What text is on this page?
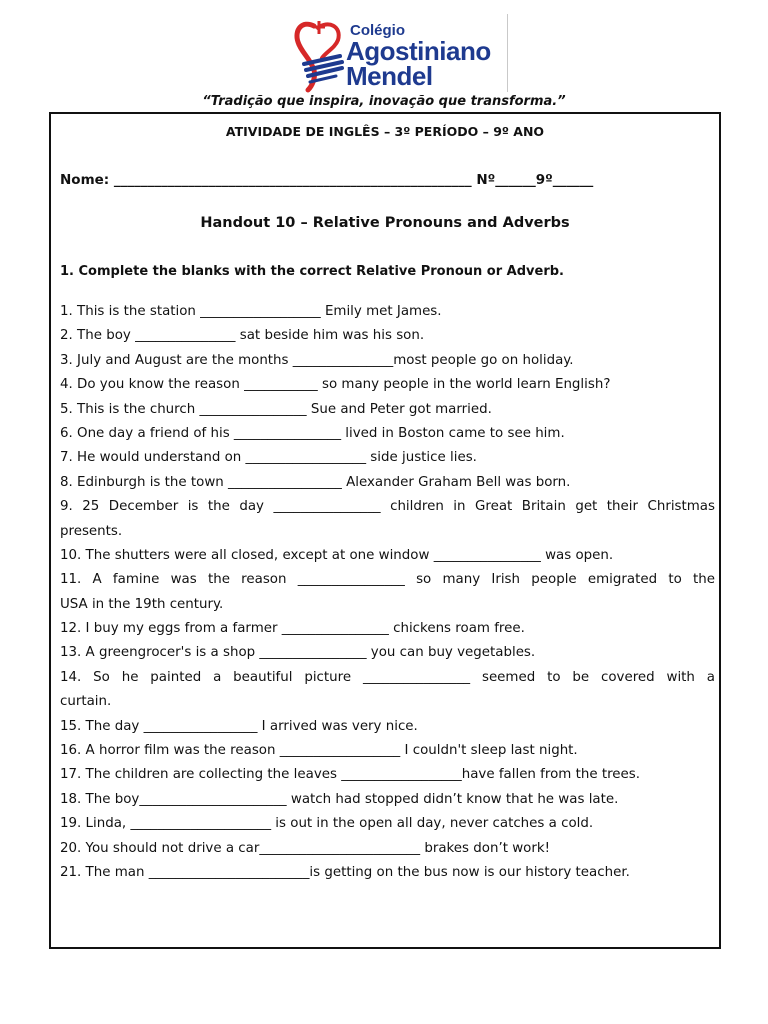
Colégio
Agostiniano
Mendel
“Tradição que inspira, inovação que transforma.”
ATIVIDADE DE INGLÊS – 3º PERÍODO – 9º ANO
Nome: _____________________________________________________ Nº______9º______
Handout 10 – Relative Pronouns and Adverbs
1. Complete the blanks with the correct Relative Pronoun or Adverb.
1. This is the station __________________ Emily met James.
2. The boy _______________ sat beside him was his son.
3. July and August are the months _______________most people go on holiday.
4. Do you know the reason ___________ so many people in the world learn English?
5. This is the church ________________ Sue and Peter got married.
6. One day a friend of his ________________ lived in Boston came to see him.
7. He would understand on __________________ side justice lies.
8. Edinburgh is the town _________________ Alexander Graham Bell was born.
9. 25 December is the day ________________ children in Great Britain get their Christmas
presents.
10. The shutters were all closed, except at one window ________________ was open.
11. A famine was the reason ________________ so many Irish people emigrated to the
USA in the 19th century.
12. I buy my eggs from a farmer ________________ chickens roam free.
13. A greengrocer's is a shop ________________ you can buy vegetables.
14. So he painted a beautiful picture ________________ seemed to be covered with a
curtain.
15. The day _________________ I arrived was very nice.
16. A horror film was the reason __________________ I couldn't sleep last night.
17. The children are collecting the leaves __________________have fallen from the trees.
18. The boy______________________ watch had stopped didn’t know that he was late.
19. Linda, _____________________ is out in the open all day, never catches a cold.
20. You should not drive a car________________________ brakes don’t work!
21. The man ________________________is getting on the bus now is our history teacher.
